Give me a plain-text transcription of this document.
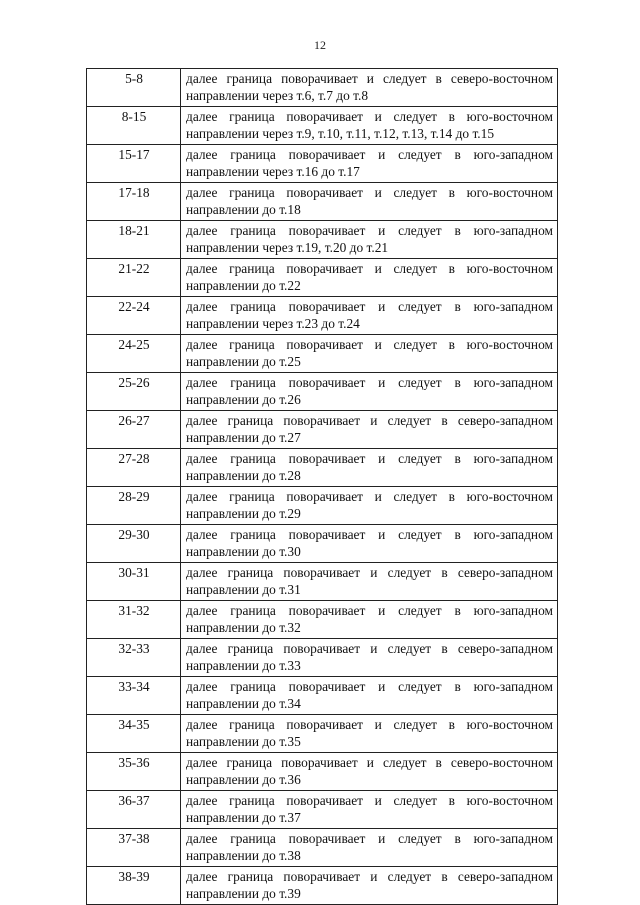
12
5-8	далее граница поворачивает и следует в северо-восточном направлении через т.6, т.7 до т.8
8-15	далее граница поворачивает и следует в юго-восточном направлении через т.9, т.10, т.11, т.12, т.13, т.14 до т.15
15-17	далее граница поворачивает и следует в юго-западном направлении через т.16 до т.17
17-18	далее граница поворачивает и следует в юго-восточном направлении до т.18
18-21	далее граница поворачивает и следует в юго-западном направлении через т.19, т.20 до т.21
21-22	далее граница поворачивает и следует в юго-восточном направлении до т.22
22-24	далее граница поворачивает и следует в юго-западном направлении через т.23 до т.24
24-25	далее граница поворачивает и следует в юго-восточном направлении до т.25
25-26	далее граница поворачивает и следует в юго-западном направлении до т.26
26-27	далее граница поворачивает и следует в северо-западном направлении до т.27
27-28	далее граница поворачивает и следует в юго-западном направлении до т.28
28-29	далее граница поворачивает и следует в юго-восточном направлении до т.29
29-30	далее граница поворачивает и следует в юго-западном направлении до т.30
30-31	далее граница поворачивает и следует в северо-западном направлении до т.31
31-32	далее граница поворачивает и следует в юго-западном направлении до т.32
32-33	далее граница поворачивает и следует в северо-западном направлении до т.33
33-34	далее граница поворачивает и следует в юго-западном направлении до т.34
34-35	далее граница поворачивает и следует в юго-восточном направлении до т.35
35-36	далее граница поворачивает и следует в северо-восточном направлении до т.36
36-37	далее граница поворачивает и следует в юго-восточном направлении до т.37
37-38	далее граница поворачивает и следует в юго-западном направлении до т.38
38-39	далее граница поворачивает и следует в северо-западном направлении до т.39
